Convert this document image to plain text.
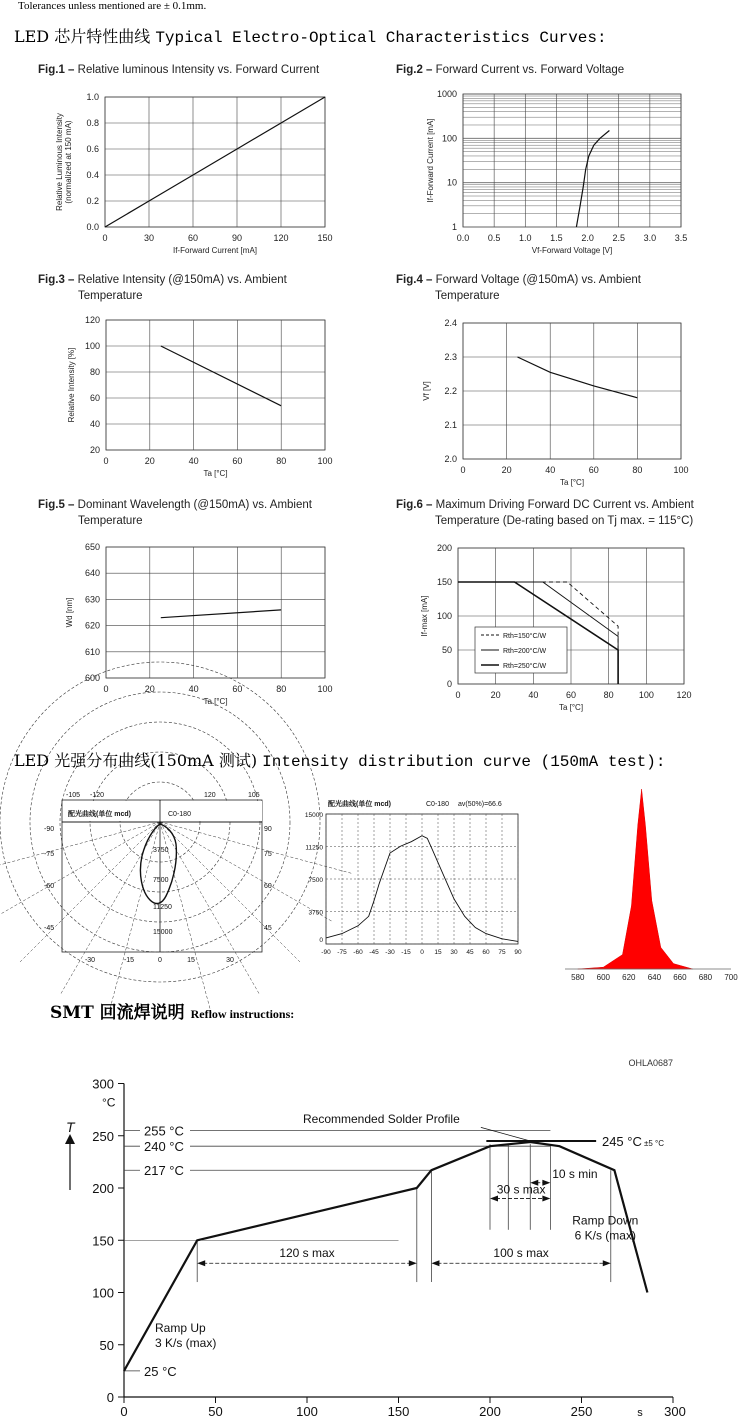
Tolerances unless mentioned are ± 0.1mm.
LED 芯片特性曲线 Typical Electro-Optical Characteristics Curves:
Fig.1 – Relative luminous Intensity vs. Forward Current	Fig.2 – Forward Current vs. Forward Voltage
Fig.3 – Relative Intensity (@150mA) vs. Ambient
Temperature
Fig.4 – Forward Voltage (@150mA) vs. Ambient
Temperature
Fig.5 – Dominant Wavelength (@150mA) vs. Ambient
Temperature
Fig.6 – Maximum Driving Forward DC Current vs. Ambient
Temperature (De-rating based on Tj max. = 115°C)
0	30	60	90	120	150
0.0
0.2
0.4
0.6
0.8
1.0
If-Forward Current [mA]
Relative Luminous Intensity(normalized at 150 mA)
0.0 0.5 1.0 1.5 2.0 2.5 3.0 3.5
1
10
100
1000
Vf-Forward Voltage [V]
If-Forward Current [mA]
0	20	40	60	80	100
20
40
60
80
100
120
Ta [°C]
Relative Intensity [%]
0	20	40	60	80	100
2.0
2.1
2.2
2.3
2.4
Ta [°C]
Vf [V]
0	20	40	60	80	100
600
610
620
630
640
650
Ta [°C]
Wd [nm]
0	20	40	60	80	100	120
0
50
100
150
200
Ta [°C]
If-max [mA]
Rth=150°C/W
Rth=200°C/W
Rth=250°C/W
LED 光强分布曲线(150mA 测试) Intensity distribution curve (150mA test):
配光曲线(单位 mcd)	C0-180
-105 -120	120	105
-90
-75
-60
-45
90
75
60
45
-30	-15	0	15	30
3750
7500
11250
15000
-90 -75 -60 -45 -30 -15 0 15 30 45 60 75 90
3750
7500
11250
15000
0
配光曲线(单位 mcd)	C0-180 av(50%)=66.6
580 600 620 640 660 680 700
SMT 回流焊说明 Reflow instructions:
0
50
100
150
200
250
300
0	50	100	150	200	250	300
s
°C
T
OHLA0687
255 °C
240 °C
217 °C
245 °C ±5 °C
25 °C
120 s max	100 s max
30 s max
10 s min
Recommended Solder Profile
Ramp Up
3 K/s (max)
Ramp Down
6 K/s (max)
